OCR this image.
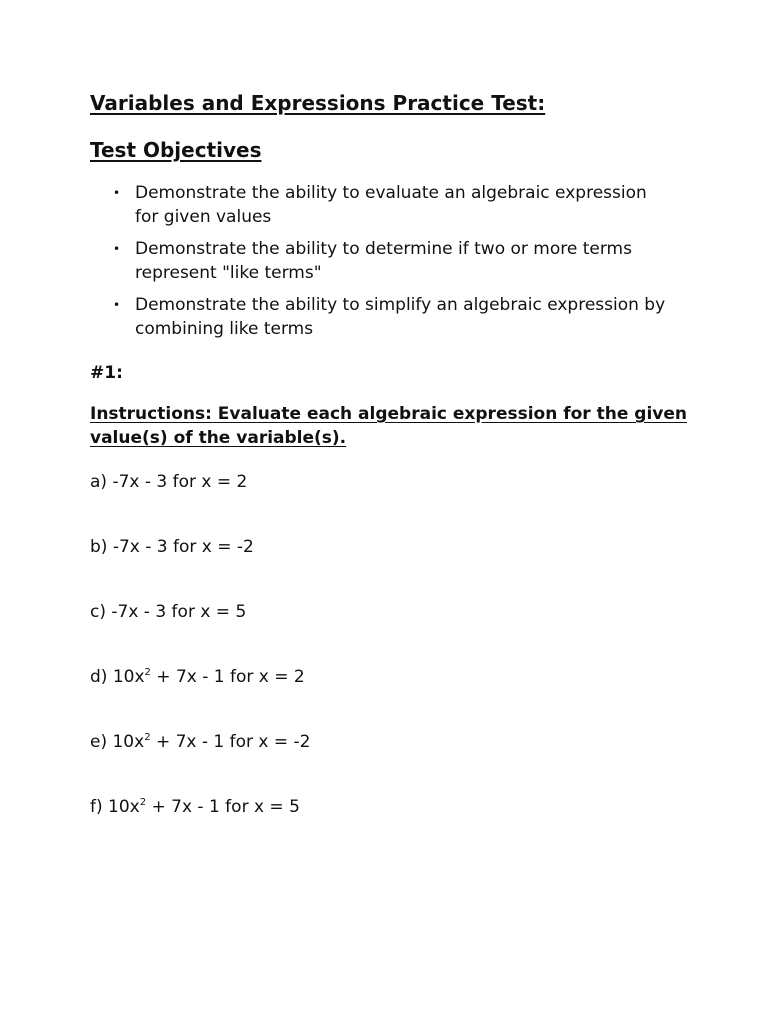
Variables and Expressions Practice Test:
Test Objectives
• Demonstrate the ability to evaluate an algebraic expression for given values
• Demonstrate the ability to determine if two or more terms represent "like terms"
• Demonstrate the ability to simplify an algebraic expression by combining like terms
#1:
Instructions: Evaluate each algebraic expression for the given value(s) of the variable(s).
a) -7x - 3 for x = 2
b) -7x - 3 for x = -2
c) -7x - 3 for x = 5
d) $10x^2 + 7x - 1$ for x = 2
e) $10x^2 + 7x - 1$ for x = -2
f) $10x^2 + 7x - 1$ for x = 5
